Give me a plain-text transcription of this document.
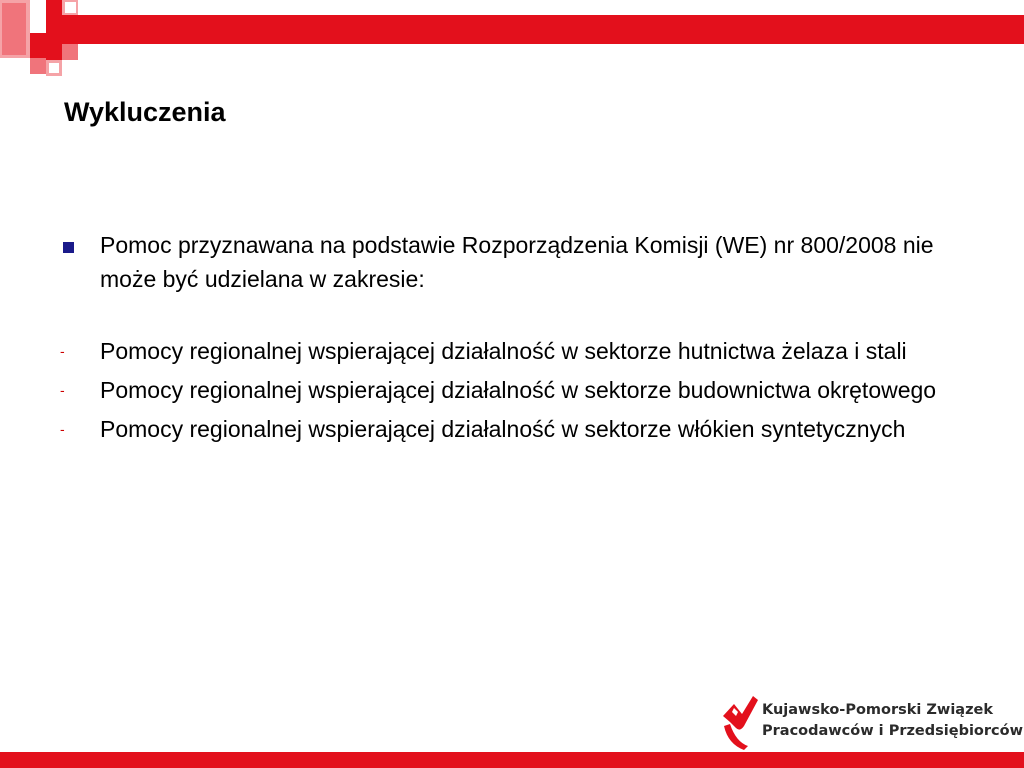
Wykluczenia
Pomoc przyznawana na podstawie Rozporządzenia Komisji (WE) nr 800/2008 nie może być udzielana w zakresie:
- Pomocy regionalnej wspierającej działalność w sektorze hutnictwa żelaza i stali
- Pomocy regionalnej wspierającej działalność w sektorze budownictwa okrętowego
- Pomocy regionalnej wspierającej działalność w sektorze włókien syntetycznych
Kujawsko-Pomorski Związek
Pracodawców i Przedsiębiorców
